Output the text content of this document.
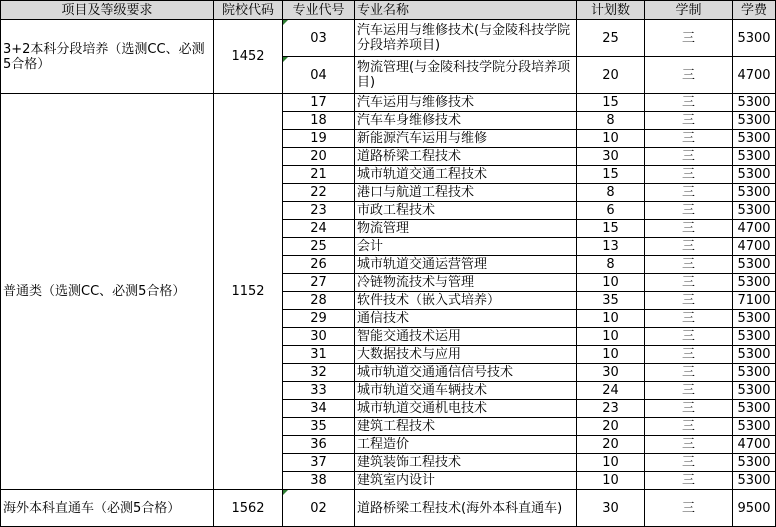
项目及等级要求	院校代码	专业代号	专业名称	计划数	学制	学费
3+2本科分段培养（选测CC、必测5合格）	1452	03	汽车运用与维修技术(与金陵科技学院分段培养项目)	25	三	5300
		04	物流管理(与金陵科技学院分段培养项目)	20	三	4700
普通类（选测CC、必测5合格）	1152	17	汽车运用与维修技术	15	三	5300
		18	汽车车身维修技术	8	三	5300
		19	新能源汽车运用与维修	10	三	5300
		20	道路桥梁工程技术	30	三	5300
		21	城市轨道交通工程技术	15	三	5300
		22	港口与航道工程技术	8	三	5300
		23	市政工程技术	6	三	5300
		24	物流管理	15	三	4700
		25	会计	13	三	4700
		26	城市轨道交通运营管理	8	三	5300
		27	冷链物流技术与管理	10	三	5300
		28	软件技术（嵌入式培养）	35	三	7100
		29	通信技术	10	三	5300
		30	智能交通技术运用	10	三	5300
		31	大数据技术与应用	10	三	5300
		32	城市轨道交通通信信号技术	30	三	5300
		33	城市轨道交通车辆技术	24	三	5300
		34	城市轨道交通机电技术	23	三	5300
		35	建筑工程技术	20	三	5300
		36	工程造价	20	三	4700
		37	建筑装饰工程技术	10	三	5300
		38	建筑室内设计	10	三	5300
海外本科直通车（必测5合格）	1562	02	道路桥梁工程技术(海外本科直通车)	30	三	9500
